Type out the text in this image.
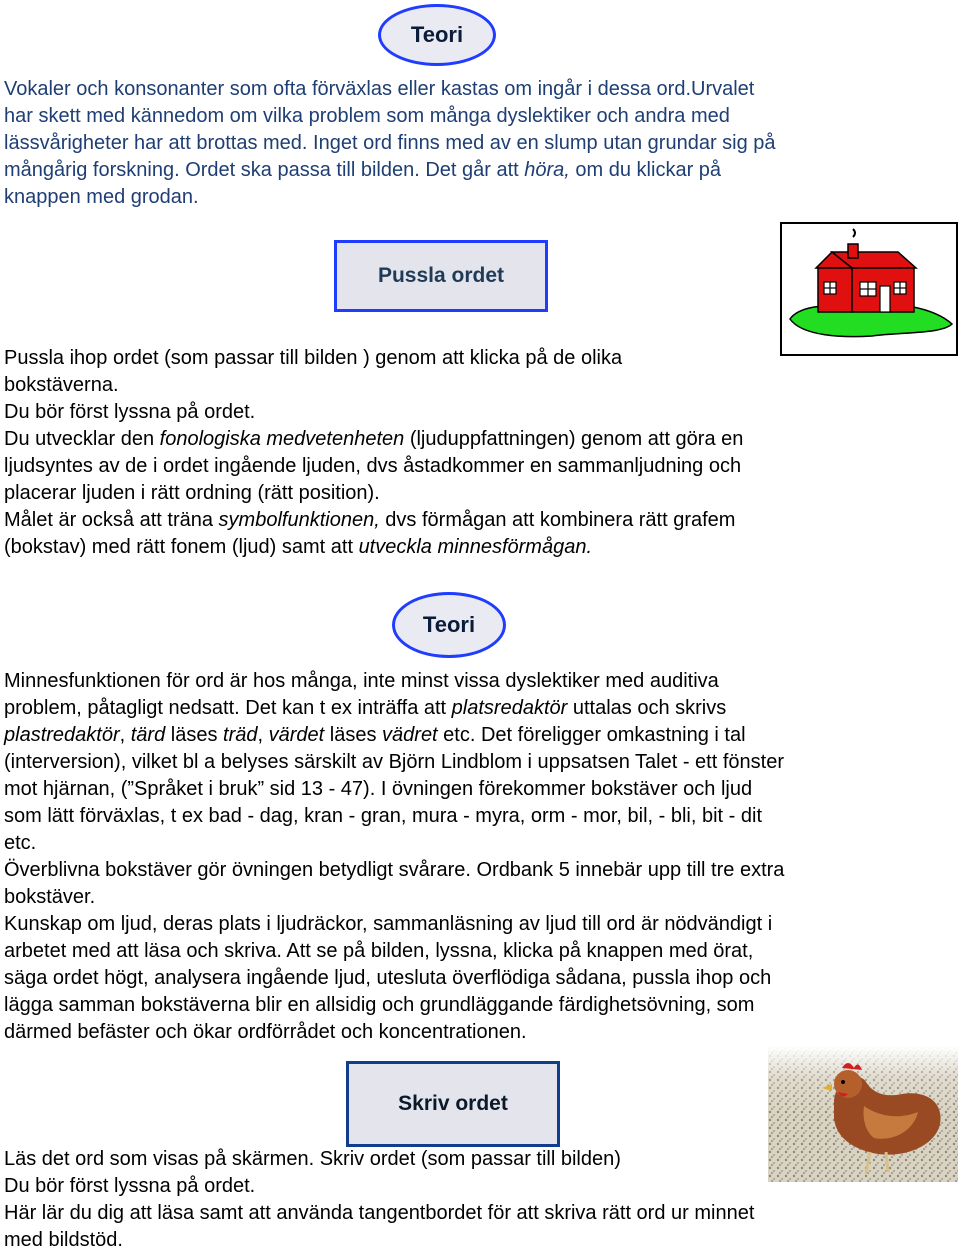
Teori
Vokaler och konsonanter som ofta förväxlas eller kastas om ingår i dessa ord.Urvalet
har skett med kännedom om vilka problem som många dyslektiker och andra med
lässvårigheter har att brottas med. Inget ord finns med av en slump utan grundar sig på
mångårig forskning. Ordet ska passa till bilden. Det går att höra, om du klickar på
knappen med grodan.
Pussla ordet
Pussla ihop ordet (som passar till bilden ) genom att klicka på de olika
bokstäverna.
Du bör först lyssna på ordet.
Du utvecklar den fonologiska medvetenheten (ljuduppfattningen) genom att göra en
ljudsyntes av de i ordet ingående ljuden, dvs åstadkommer en sammanljudning och
placerar ljuden i rätt ordning (rätt position).
Målet är också att träna symbolfunktionen, dvs förmågan att kombinera rätt grafem
(bokstav) med rätt fonem (ljud) samt att utveckla minnesförmågan.
Teori
Minnesfunktionen för ord är hos många, inte minst vissa dyslektiker med auditiva
problem, påtagligt nedsatt. Det kan t ex inträffa att platsredaktör uttalas och skrivs
plastredaktör, tärd läses träd, värdet läses vädret etc. Det föreligger omkastning i tal
(interversion), vilket bl a belyses särskilt av Björn Lindblom i uppsatsen Talet - ett fönster
mot hjärnan, (”Språket i bruk” sid 13 - 47). I övningen förekommer bokstäver och ljud
som lätt förväxlas, t ex bad - dag, kran - gran, mura - myra, orm - mor, bil, - bli, bit - dit
etc.
Överblivna bokstäver gör övningen betydligt svårare. Ordbank 5 innebär upp till tre extra
bokstäver.
Kunskap om ljud, deras plats i ljudräckor, sammanläsning av ljud till ord är nödvändigt i
arbetet med att läsa och skriva. Att se på bilden, lyssna, klicka på knappen med örat,
säga ordet högt, analysera ingående ljud, utesluta överflödiga sådana, pussla ihop och
lägga samman bokstäverna blir en allsidig och grundläggande färdighetsövning, som
därmed befäster och ökar ordförrådet och koncentrationen.
Skriv ordet
Läs det ord som visas på skärmen. Skriv ordet (som passar till bilden)
Du bör först lyssna på ordet.
Här lär du dig att läsa samt att använda tangentbordet för att skriva rätt ord ur minnet
med bildstöd.
